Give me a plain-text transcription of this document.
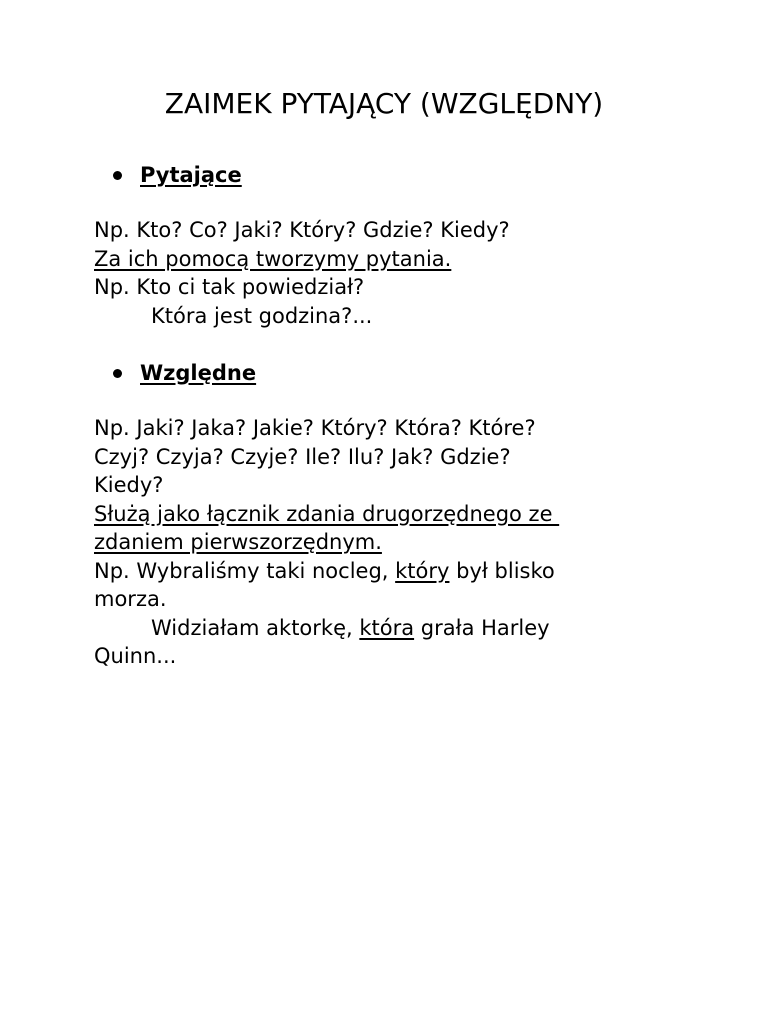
ZAIMEK PYTAJĄCY (WZGLĘDNY)
Pytające
Np. Kto? Co? Jaki? Który? Gdzie? Kiedy?
Za ich pomocą tworzymy pytania.
Np. Kto ci tak powiedział?
Która jest godzina?...
Względne
Np. Jaki? Jaka? Jakie? Który? Która? Które?
Czyj? Czyja? Czyje? Ile? Ilu? Jak? Gdzie?
Kiedy?
Służą jako łącznik zdania drugorzędnego ze
zdaniem pierwszorzędnym.
Np. Wybraliśmy taki nocleg, który był blisko
morza.
Widziałam aktorkę, która grała Harley
Quinn...
